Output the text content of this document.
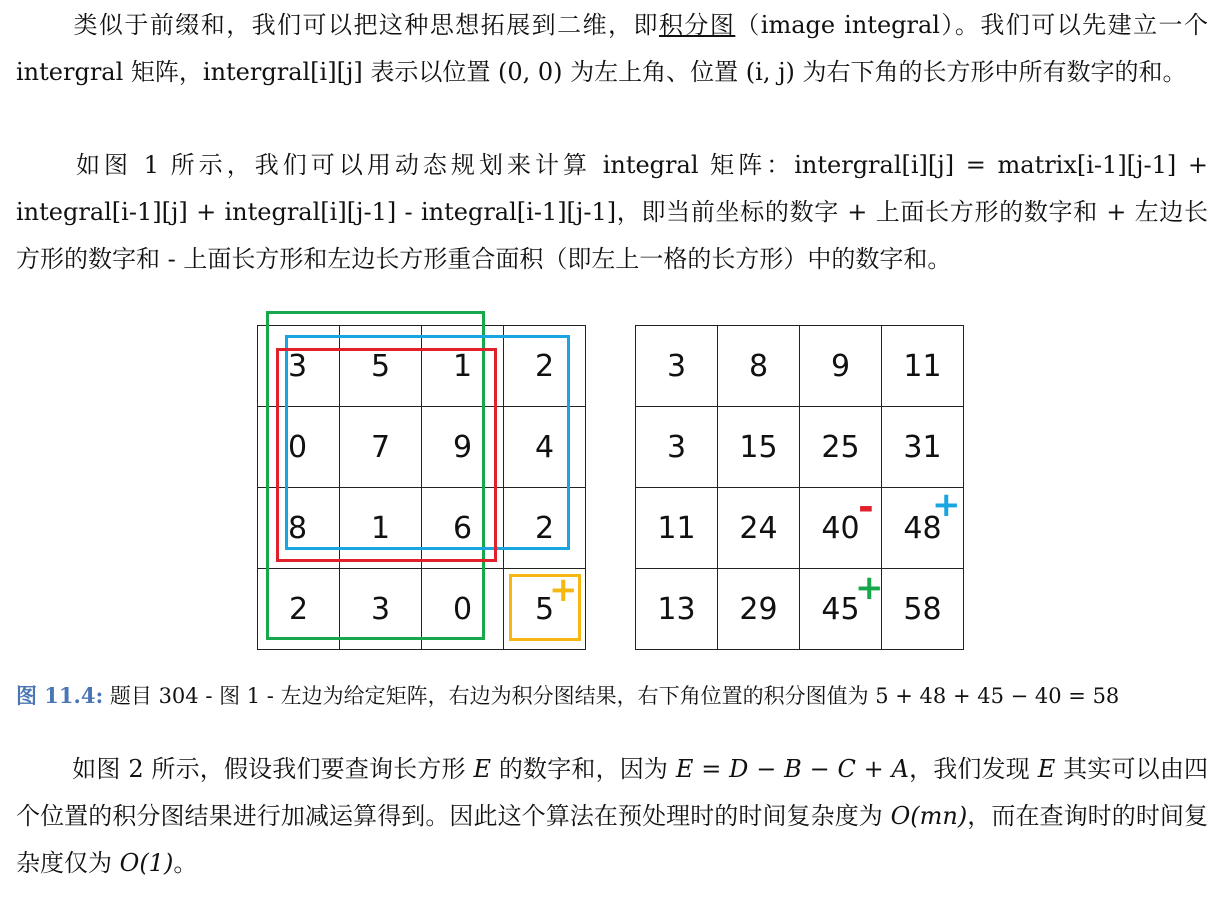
类似于前缀和，我们可以把这种思想拓展到二维，即积分图（image integral）。我们可以先建立一个 intergral 矩阵，intergral[i][j] 表示以位置 (0, 0) 为左上角、位置 (i, j) 为右下角的长方形中所有数字的和。

如图 1 所示，我们可以用动态规划来计算 integral 矩阵：intergral[i][j] = matrix[i-1][j-1] + integral[i-1][j] + integral[i][j-1] - integral[i-1][j-1]，即当前坐标的数字 + 上面长方形的数字和 + 左边长方形的数字和 - 上面长方形和左边长方形重合面积（即左上一格的长方形）中的数字和。

3	5	1	2
0	7	9	4
8	1	6	2
2	3	0	5
+
3	8	9	11
3	15	25	31
11	24	40	48
13	29	45	58
- +
+
图 11.4: 题目 304 - 图 1 - 左边为给定矩阵，右边为积分图结果，右下角位置的积分图值为 5 + 48 + 45 − 40 = 58

如图 2 所示，假设我们要查询长方形 E 的数字和，因为 E = D − B − C + A，我们发现 E 其实可以由四个位置的积分图结果进行加减运算得到。因此这个算法在预处理时的时间复杂度为 O(mn)，而在查询时的时间复杂度仅为 O(1)。
